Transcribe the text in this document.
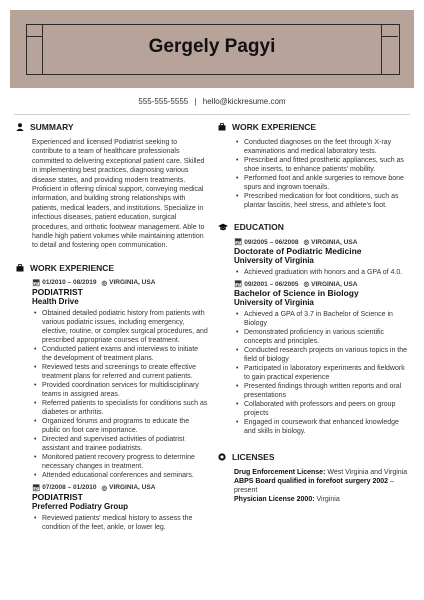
Gergely Pagyi
555-555-5555 | hello@kickresume.com
SUMMARY

Experienced and licensed Podiatrist seeking to contribute to a team of healthcare professionals committed to delivering exceptional patient care. Skilled in implementing best practices, diagnosing various disease states, and providing modern treatments. Proficient in offering clinical support, conveying medical information, and building strong relationships with patients, medical leaders, and institutions. Specialize in infectious diseases, patient education, surgical procedures, and orthotic footwear management. Able to handle high patient volumes while maintaining attention to detail and fostering open communication.

WORK EXPERIENCE
📅︎ 01/2010 – 08/2019 ◎ VIRGINIA, USA
PODIATRIST
Health Drive
• Obtained detailed podiatric history from patients with various podiatric issues, including emergency, elective, routine, or complex surgical procedures, and prescribed appropriate courses of treatment.
• Conducted patient exams and interviews to initiate the development of treatment plans.
• Reviewed tests and screenings to create effective treatment plans for referred and current patients.
• Provided coordination services for multidisciplinary teams in assigned areas.
• Referred patients to specialists for conditions such as diabetes or arthritis.
• Organized forums and programs to educate the public on foot care importance.
• Directed and supervised activities of podiatrist assistant and trainee podiatrists.
• Monitored patient recovery progress to determine necessary changes in treatment.
• Attended educational conferences and seminars.
📅︎ 07/2008 – 01/2010 ◎ VIRGINIA, USA
PODIATRIST
Preferred Podiatry Group
• Reviewed patients' medical history to assess the condition of the feet, ankle, or lower leg.
WORK EXPERIENCE
• Conducted diagnoses on the feet through X-ray examinations and medical laboratory tests.
• Prescribed and fitted prosthetic appliances, such as shoe inserts, to enhance patients' mobility.
• Performed foot and ankle surgeries to remove bone spurs and ingrown toenails.
• Prescribed medication for foot conditions, such as plantar fasciitis, heel stress, and athlete's foot.
EDUCATION
📅︎ 09/2005 – 06/2008 ◎ VIRGINIA, USA
Doctorate of Podiatric Medicine
University of Virginia
• Achieved graduation with honors and a GPA of 4.0.
📅︎ 09/2001 – 06/2005 ◎ VIRGINIA, USA
Bachelor of Science in Biology
University of Virginia
• Achieved a GPA of 3.7 in Bachelor of Science in Biology
• Demonstrated proficiency in various scientific concepts and principles.
• Conducted research projects on various topics in the field of biology
• Participated in laboratory experiments and fieldwork to gain practical experience
• Presented findings through written reports and oral presentations
• Collaborated with professors and peers on group projects
• Engaged in coursework that enhanced knowledge and skills in biology.
LICENSES
Drug Enforcement License: West Virginia and Virginia
ABPS Board qualified in forefoot surgery 2002 – present
Physician License 2000: Virginia
